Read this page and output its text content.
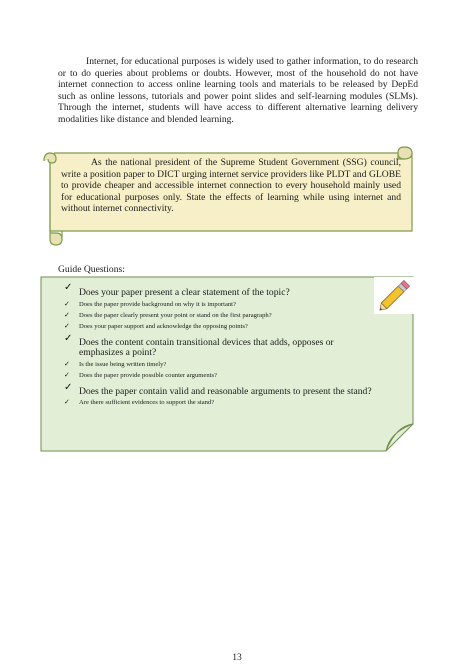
Internet, for educational purposes is widely used to gather information, to do research or to do queries about problems or doubts. However, most of the household do not have internet connection to access online learning tools and materials to be released by DepEd such as online lessons, tutorials and power point slides and self-learning modules (SLMs). Through the internet, students will have access to different alternative learning delivery modalities like distance and blended learning.

As the national president of the Supreme Student Government (SSG) council, write a position paper to DICT urging internet service providers like PLDT and GLOBE to provide cheaper and accessible internet connection to every household mainly used for educational purposes only. State the effects of learning while using internet and without internet connectivity.

Guide Questions:
✓ Does your paper present a clear statement of the topic?
✓ Does the paper provide background on why it is important?
✓ Does the paper clearly present your point or stand on the first paragraph?
✓ Does your paper support and acknowledge the opposing points?
✓ Does the content contain transitional devices that adds, opposes or emphasizes a point?
✓ Is the issue being written timely?
✓ Does the paper provide possible counter arguments?
✓ Does the paper contain valid and reasonable arguments to present the stand?
✓ Are there sufficient evidences to support the stand?
13
